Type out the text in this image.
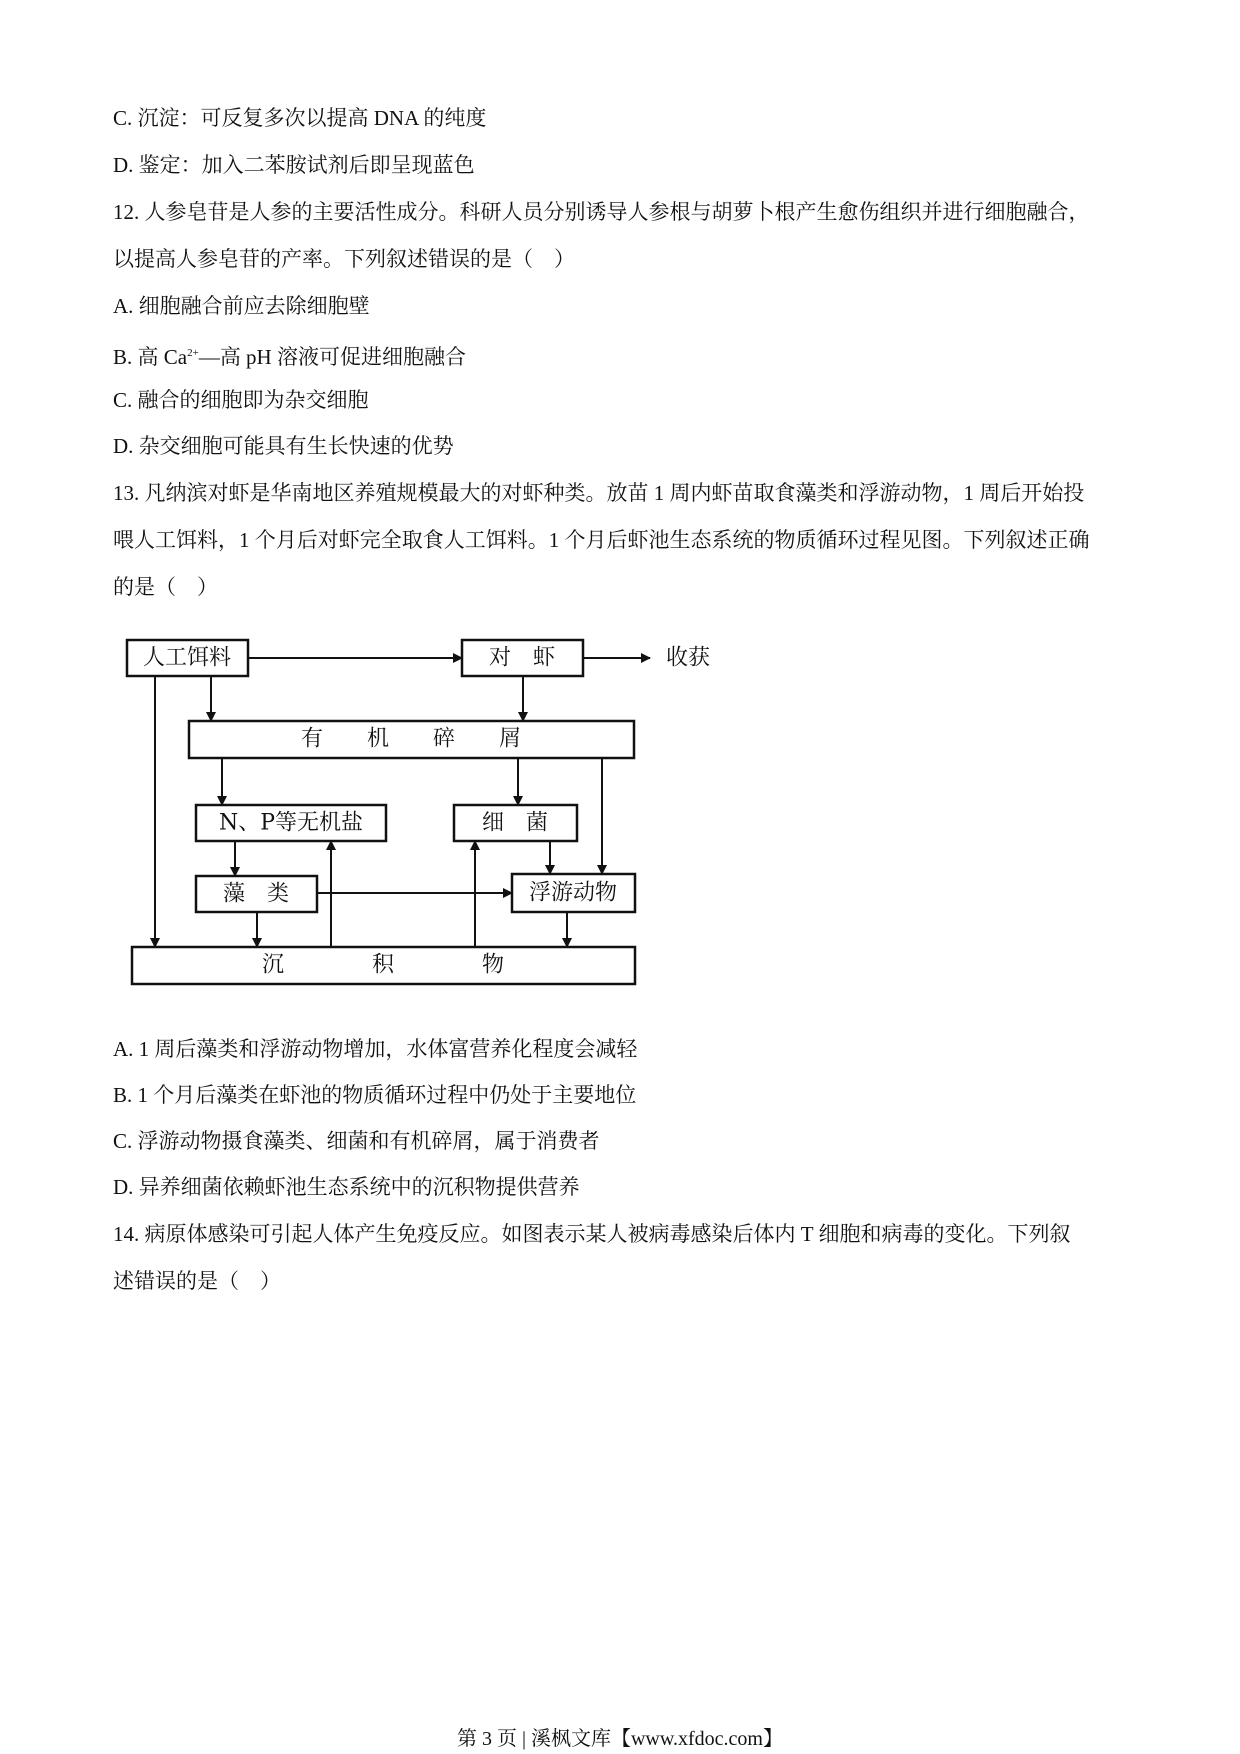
C. 沉淀：可反复多次以提高 DNA 的纯度
D. 鉴定：加入二苯胺试剂后即呈现蓝色
12. 人参皂苷是人参的主要活性成分。科研人员分别诱导人参根与胡萝卜根产生愈伤组织并进行细胞融合，
以提高人参皂苷的产率。下列叙述错误的是（　）
A. 细胞融合前应去除细胞壁
B. 高 $Ca^{2+}—$高 pH 溶液可促进细胞融合
C. 融合的细胞即为杂交细胞
D. 杂交细胞可能具有生长快速的优势
13. 凡纳滨对虾是华南地区养殖规模最大的对虾种类。放苗 1 周内虾苗取食藻类和浮游动物，1 周后开始投
喂人工饵料，1 个月后对虾完全取食人工饵料。1 个月后虾池生态系统的物质循环过程见图。下列叙述正确
的是（　）
人工饵料	对　虾	收获
有　　机　　碎　　屑
N、P等无机盐	细　菌
藻　类	浮游动物
沉　　　　积　　　　物
A. 1 周后藻类和浮游动物增加，水体富营养化程度会减轻
B. 1 个月后藻类在虾池的物质循环过程中仍处于主要地位
C. 浮游动物摄食藻类、细菌和有机碎屑，属于消费者
D. 异养细菌依赖虾池生态系统中的沉积物提供营养
14. 病原体感染可引起人体产生免疫反应。如图表示某人被病毒感染后体内 T 细胞和病毒的变化。下列叙
述错误的是（　）
第 3 页 | 溪枫文库【www.xfdoc.com】
